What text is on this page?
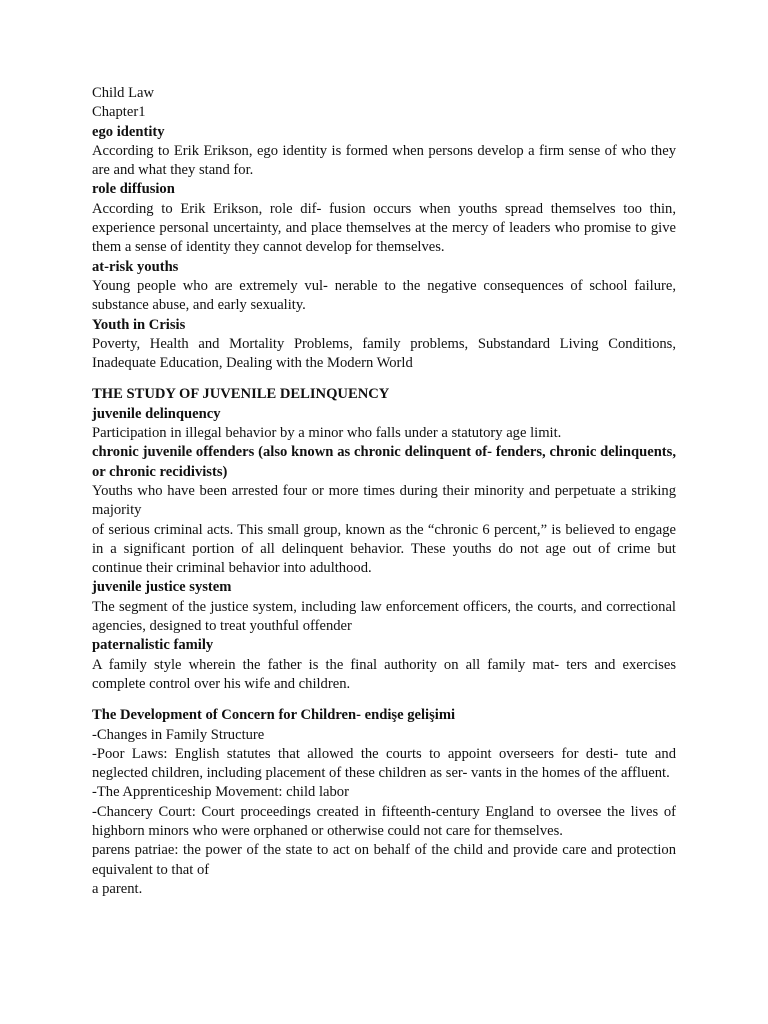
Child Law
Chapter1
ego identity
According to Erik Erikson, ego identity is formed when persons develop a firm sense of who they are and what they stand for.
role diffusion
According to Erik Erikson, role dif- fusion occurs when youths spread themselves too thin, experience personal uncertainty, and place themselves at the mercy of leaders who promise to give them a sense of identity they cannot develop for themselves.
at-risk youths
Young people who are extremely vul- nerable to the negative consequences of school failure, substance abuse, and early sexuality.
Youth in Crisis
Poverty, Health and Mortality Problems, family problems, Substandard Living Conditions, Inadequate Education, Dealing with the Modern World
THE STUDY OF JUVENILE DELINQUENCY
juvenile delinquency
Participation in illegal behavior by a minor who falls under a statutory age limit.
chronic juvenile offenders (also known as chronic delinquent of- fenders, chronic delinquents, or chronic recidivists)
Youths who have been arrested four or more times during their minority and perpetuate a striking majority
of serious criminal acts. This small group, known as the “chronic 6 percent,” is believed to engage in a significant portion of all delinquent behavior. These youths do not age out of crime but continue their criminal behavior into adulthood.
juvenile justice system
The segment of the justice system, including law enforcement officers, the courts, and correctional agencies, designed to treat youthful offender
paternalistic family
A family style wherein the father is the final authority on all family mat- ters and exercises complete control over his wife and children.
The Development of Concern for Children- endişe gelişimi
-Changes in Family Structure
-Poor Laws: English statutes that allowed the courts to appoint overseers for desti- tute and neglected children, including placement of these children as ser- vants in the homes of the affluent.
-The Apprenticeship Movement: child labor
-Chancery Court: Court proceedings created in fifteenth-century England to oversee the lives of highborn minors who were orphaned or otherwise could not care for themselves.
parens patriae: the power of the state to act on behalf of the child and provide care and protection equivalent to that of
a parent.
